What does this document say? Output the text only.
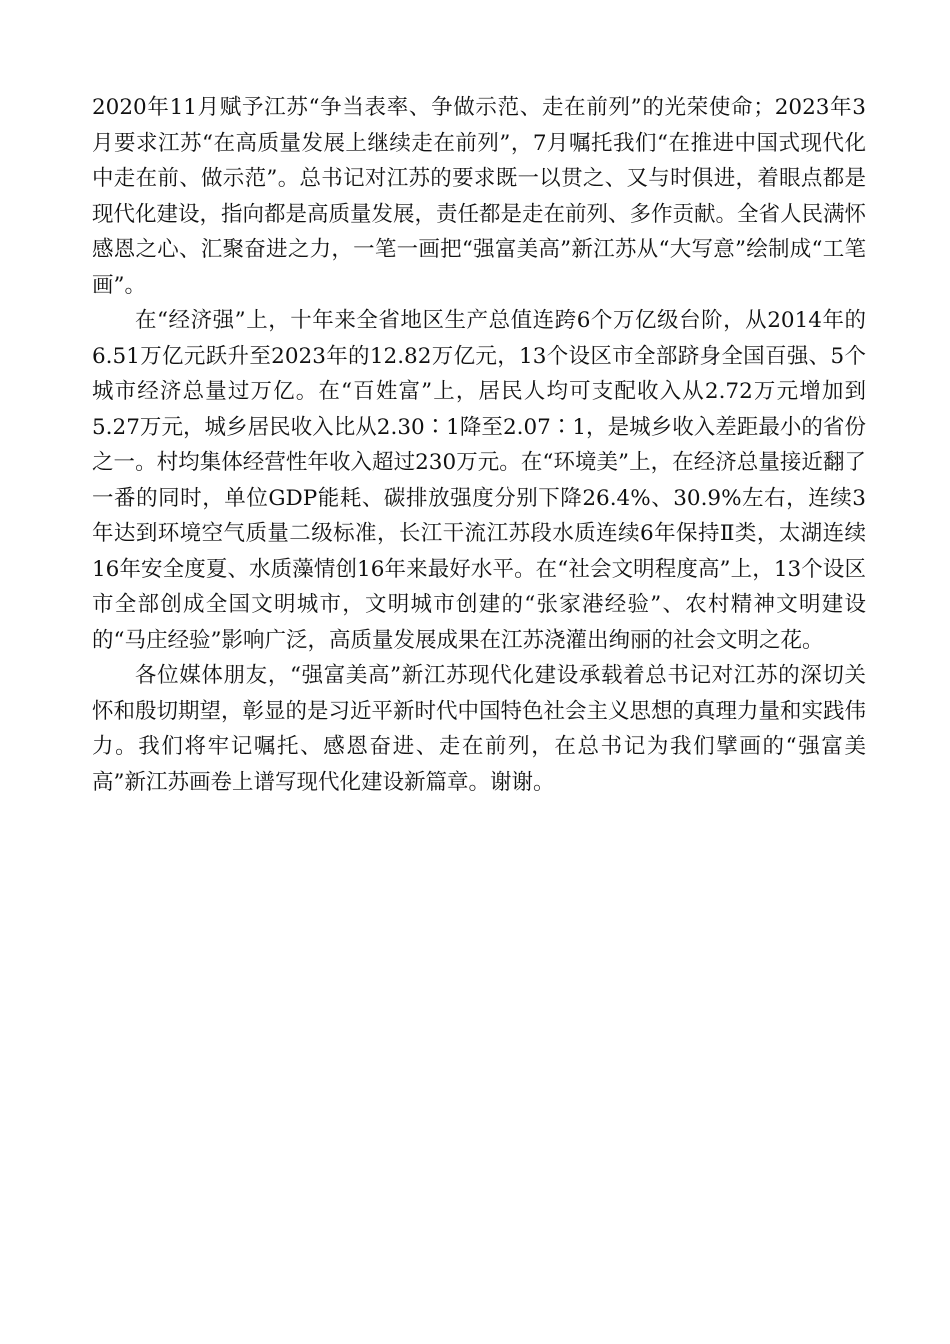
2020年11月赋予江苏“争当表率、争做示范、走在前列”的光荣使命；2023年3月要求江苏“在高质量发展上继续走在前列”，7月嘱托我们“在推进中国式现代化中走在前、做示范”。总书记对江苏的要求既一以贯之、又与时俱进，着眼点都是现代化建设，指向都是高质量发展，责任都是走在前列、多作贡献。全省人民满怀感恩之心、汇聚奋进之力，一笔一画把“强富美高”新江苏从“大写意”绘制成“工笔画”。

在“经济强”上，十年来全省地区生产总值连跨6个万亿级台阶，从2014年的6.51万亿元跃升至2023年的12.82万亿元，13个设区市全部跻身全国百强、5个城市经济总量过万亿。在“百姓富”上，居民人均可支配收入从2.72万元增加到5.27万元，城乡居民收入比从2.30∶1降至2.07∶1，是城乡收入差距最小的省份之一。村均集体经营性年收入超过230万元。在“环境美”上，在经济总量接近翻了一番的同时，单位GDP能耗、碳排放强度分别下降26.4%、30.9%左右，连续3年达到环境空气质量二级标准，长江干流江苏段水质连续6年保持Ⅱ类，太湖连续16年安全度夏、水质藻情创16年来最好水平。在“社会文明程度高”上，13个设区市全部创成全国文明城市，文明城市创建的“张家港经验”、农村精神文明建设的“马庄经验”影响广泛，高质量发展成果在江苏浇灌出绚丽的社会文明之花。

各位媒体朋友，“强富美高”新江苏现代化建设承载着总书记对江苏的深切关怀和殷切期望，彰显的是习近平新时代中国特色社会主义思想的真理力量和实践伟力。我们将牢记嘱托、感恩奋进、走在前列，在总书记为我们擘画的“强富美高”新江苏画卷上谱写现代化建设新篇章。谢谢。
